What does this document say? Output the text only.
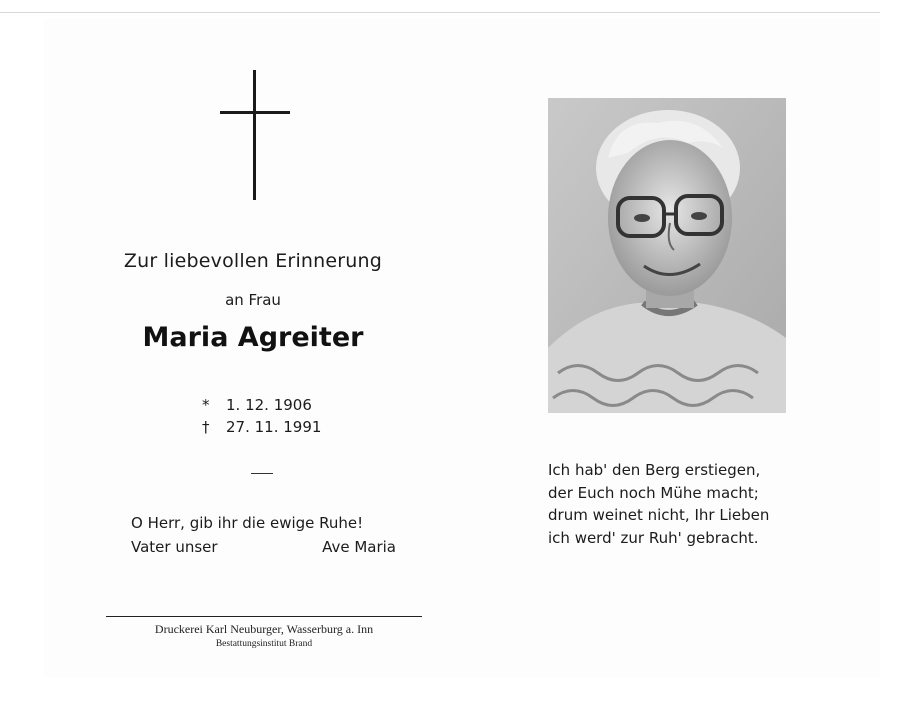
Zur liebevollen Erinnerung
an Frau
Maria Agreiter
* 1. 12. 1906
† 27. 11. 1991
O Herr, gib ihr die ewige Ruhe!
Vater unser	Ave Maria
Druckerei Karl Neuburger, Wasserburg a. Inn
Bestattungsinstitut Brand
Ich hab' den Berg erstiegen,
der Euch noch Mühe macht;
drum weinet nicht, Ihr Lieben
ich werd' zur Ruh' gebracht.
